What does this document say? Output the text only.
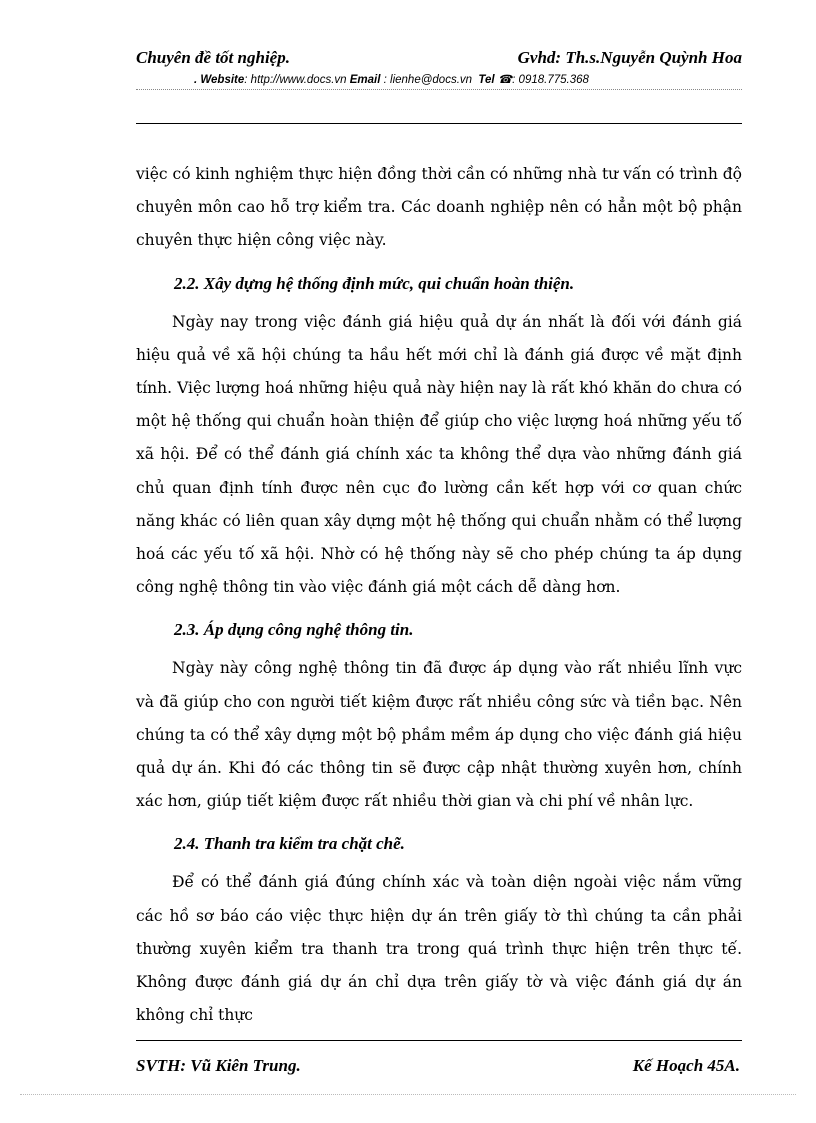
Chuyên đề tốt nghiệp.	Gvhd: Th.s.Nguyễn Quỳnh Hoa
. Website: http://www.docs.vn Email : lienhe@docs.vn Tel ☎: 0918.775.368

việc có kinh nghiệm thực hiện đồng thời cần có những nhà tư vấn có trình độ chuyên môn cao hỗ trợ kiểm tra. Các doanh nghiệp nên có hẳn một bộ phận chuyên thực hiện công việc này.

2.2. Xây dựng hệ thống định mức, qui chuẩn hoàn thiện.

Ngày nay trong việc đánh giá hiệu quả dự án nhất là đối với đánh giá hiệu quả về xã hội chúng ta hầu hết mới chỉ là đánh giá được về mặt định tính. Việc lượng hoá những hiệu quả này hiện nay là rất khó khăn do chưa có một hệ thống qui chuẩn hoàn thiện để giúp cho việc lượng hoá những yếu tố xã hội. Để có thể đánh giá chính xác ta không thể dựa vào những đánh giá chủ quan định tính được nên cục đo lường cần kết hợp với cơ quan chức năng khác có liên quan xây dựng một hệ thống qui chuẩn nhằm có thể lượng hoá các yếu tố xã hội. Nhờ có hệ thống này sẽ cho phép chúng ta áp dụng công nghệ thông tin vào việc đánh giá một cách dễ dàng hơn.

2.3. Áp dụng công nghệ thông tin.

Ngày này công nghệ thông tin đã được áp dụng vào rất nhiều lĩnh vực và đã giúp cho con người tiết kiệm được rất nhiều công sức và tiền bạc. Nên chúng ta có thể xây dựng một bộ phầm mềm áp dụng cho việc đánh giá hiệu quả dự án. Khi đó các thông tin sẽ được cập nhật thường xuyên hơn, chính xác hơn, giúp tiết kiệm được rất nhiều thời gian và chi phí về nhân lực.

2.4. Thanh tra kiểm tra chặt chẽ.

Để có thể đánh giá đúng chính xác và toàn diện ngoài việc nắm vững các hồ sơ báo cáo việc thực hiện dự án trên giấy tờ thì chúng ta cần phải thường xuyên kiểm tra thanh tra trong quá trình thực hiện trên thực tế. Không được đánh giá dự án chỉ dựa trên giấy tờ và việc đánh giá dự án không chỉ thực

SVTH: Vũ Kiên Trung.	Kế Hoạch 45A.
